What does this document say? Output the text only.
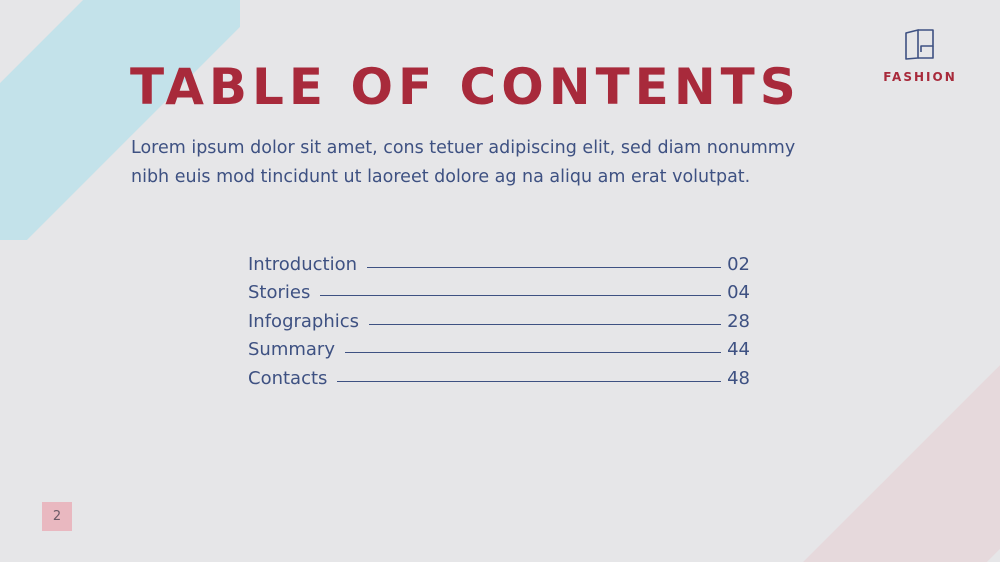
TABLE OF CONTENTS

Lorem ipsum dolor sit amet, cons tetuer adipiscing elit, sed diam nonummy
nibh euis mod tincidunt ut laoreet dolore ag na aliqu am erat volutpat.

FASHION
Introduction	02
Stories	04
Infographics	28
Summary	44
Contacts	48
2
